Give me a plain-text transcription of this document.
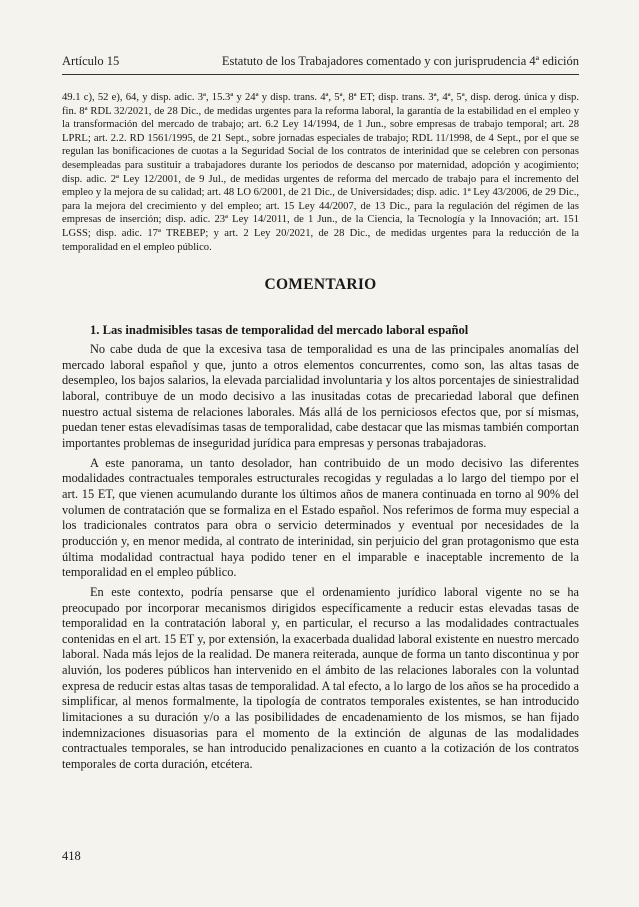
Artículo 15	Estatuto de los Trabajadores comentado y con jurisprudencia 4ª edición

49.1 c), 52 e), 64, y disp. adic. 3ª, 15.3ª y 24ª y disp. trans. 4ª, 5ª, 8ª ET; disp. trans. 3ª, 4ª, 5ª, disp. derog. única y disp. fin. 8ª RDL 32/2021, de 28 Dic., de medidas urgentes para la reforma laboral, la garantía de la estabilidad en el empleo y la transformación del mercado de trabajo; art. 6.2 Ley 14/1994, de 1 Jun., sobre empresas de trabajo temporal; art. 28 LPRL; art. 2.2. RD 1561/1995, de 21 Sept., sobre jornadas especiales de trabajo; RDL 11/1998, de 4 Sept., por el que se regulan las bonificaciones de cuotas a la Seguridad Social de los contratos de interinidad que se celebren con personas desempleadas para sustituir a trabajadores durante los periodos de descanso por maternidad, adopción y acogimiento; disp. adic. 2ª Ley 12/2001, de 9 Jul., de medidas urgentes de reforma del mercado de trabajo para el incremento del empleo y la mejora de su calidad; art. 48 LO 6/2001, de 21 Dic., de Universidades; disp. adic. 1ª Ley 43/2006, de 29 Dic., para la mejora del crecimiento y del empleo; art. 15 Ley 44/2007, de 13 Dic., para la regulación del régimen de las empresas de inserción; disp. adic. 23ª Ley 14/2011, de 1 Jun., de la Ciencia, la Tecnología y la Innovación; art. 151 LGSS; disp. adic. 17ª TREBEP; y art. 2 Ley 20/2021, de 28 Dic., de medidas urgentes para la reducción de la temporalidad en el empleo público.

COMENTARIO
1. Las inadmisibles tasas de temporalidad del mercado laboral español

No cabe duda de que la excesiva tasa de temporalidad es una de las principales anomalías del mercado laboral español y que, junto a otros elementos concurrentes, como son, las altas tasas de desempleo, los bajos salarios, la elevada parcialidad involuntaria y los altos porcentajes de siniestralidad laboral, contribuye de un modo decisivo a las inusitadas cotas de precariedad laboral que definen nuestro actual sistema de relaciones laborales. Más allá de los perniciosos efectos que, por sí mismas, puedan tener estas elevadísimas tasas de temporalidad, cabe destacar que las mismas también comportan importantes problemas de inseguridad jurídica para empresas y personas trabajadoras.

A este panorama, un tanto desolador, han contribuido de un modo decisivo las diferentes modalidades contractuales temporales estructurales recogidas y reguladas a lo largo del tiempo por el art. 15 ET, que vienen acumulando durante los últimos años de manera continuada en torno al 90% del volumen de contratación que se formaliza en el Estado español. Nos referimos de forma muy especial a los tradicionales contratos para obra o servicio determinados y eventual por necesidades de la producción y, en menor medida, al contrato de interinidad, sin perjuicio del gran protagonismo que esta última modalidad contractual haya podido tener en el imparable e inaceptable incremento de la temporalidad en el empleo público.

En este contexto, podría pensarse que el ordenamiento jurídico laboral vigente no se ha preocupado por incorporar mecanismos dirigidos específicamente a reducir estas elevadas tasas de temporalidad en la contratación laboral y, en particular, el recurso a las modalidades contractuales contenidas en el art. 15 ET y, por extensión, la exacerbada dualidad laboral existente en nuestro mercado laboral. Nada más lejos de la realidad. De manera reiterada, aunque de forma un tanto discontinua y por aluvión, los poderes públicos han intervenido en el ámbito de las relaciones laborales con la voluntad expresa de reducir estas altas tasas de temporalidad. A tal efecto, a lo largo de los años se ha procedido a simplificar, al menos formalmente, la tipología de contratos temporales existentes, se han introducido limitaciones a su duración y/o a las posibilidades de encadenamiento de los mismos, se han fijado indemnizaciones disuasorias para el momento de la extinción de algunas de las modalidades contractuales temporales, se han introducido penalizaciones en cuanto a la cotización de los contratos temporales de corta duración, etcétera.

418
